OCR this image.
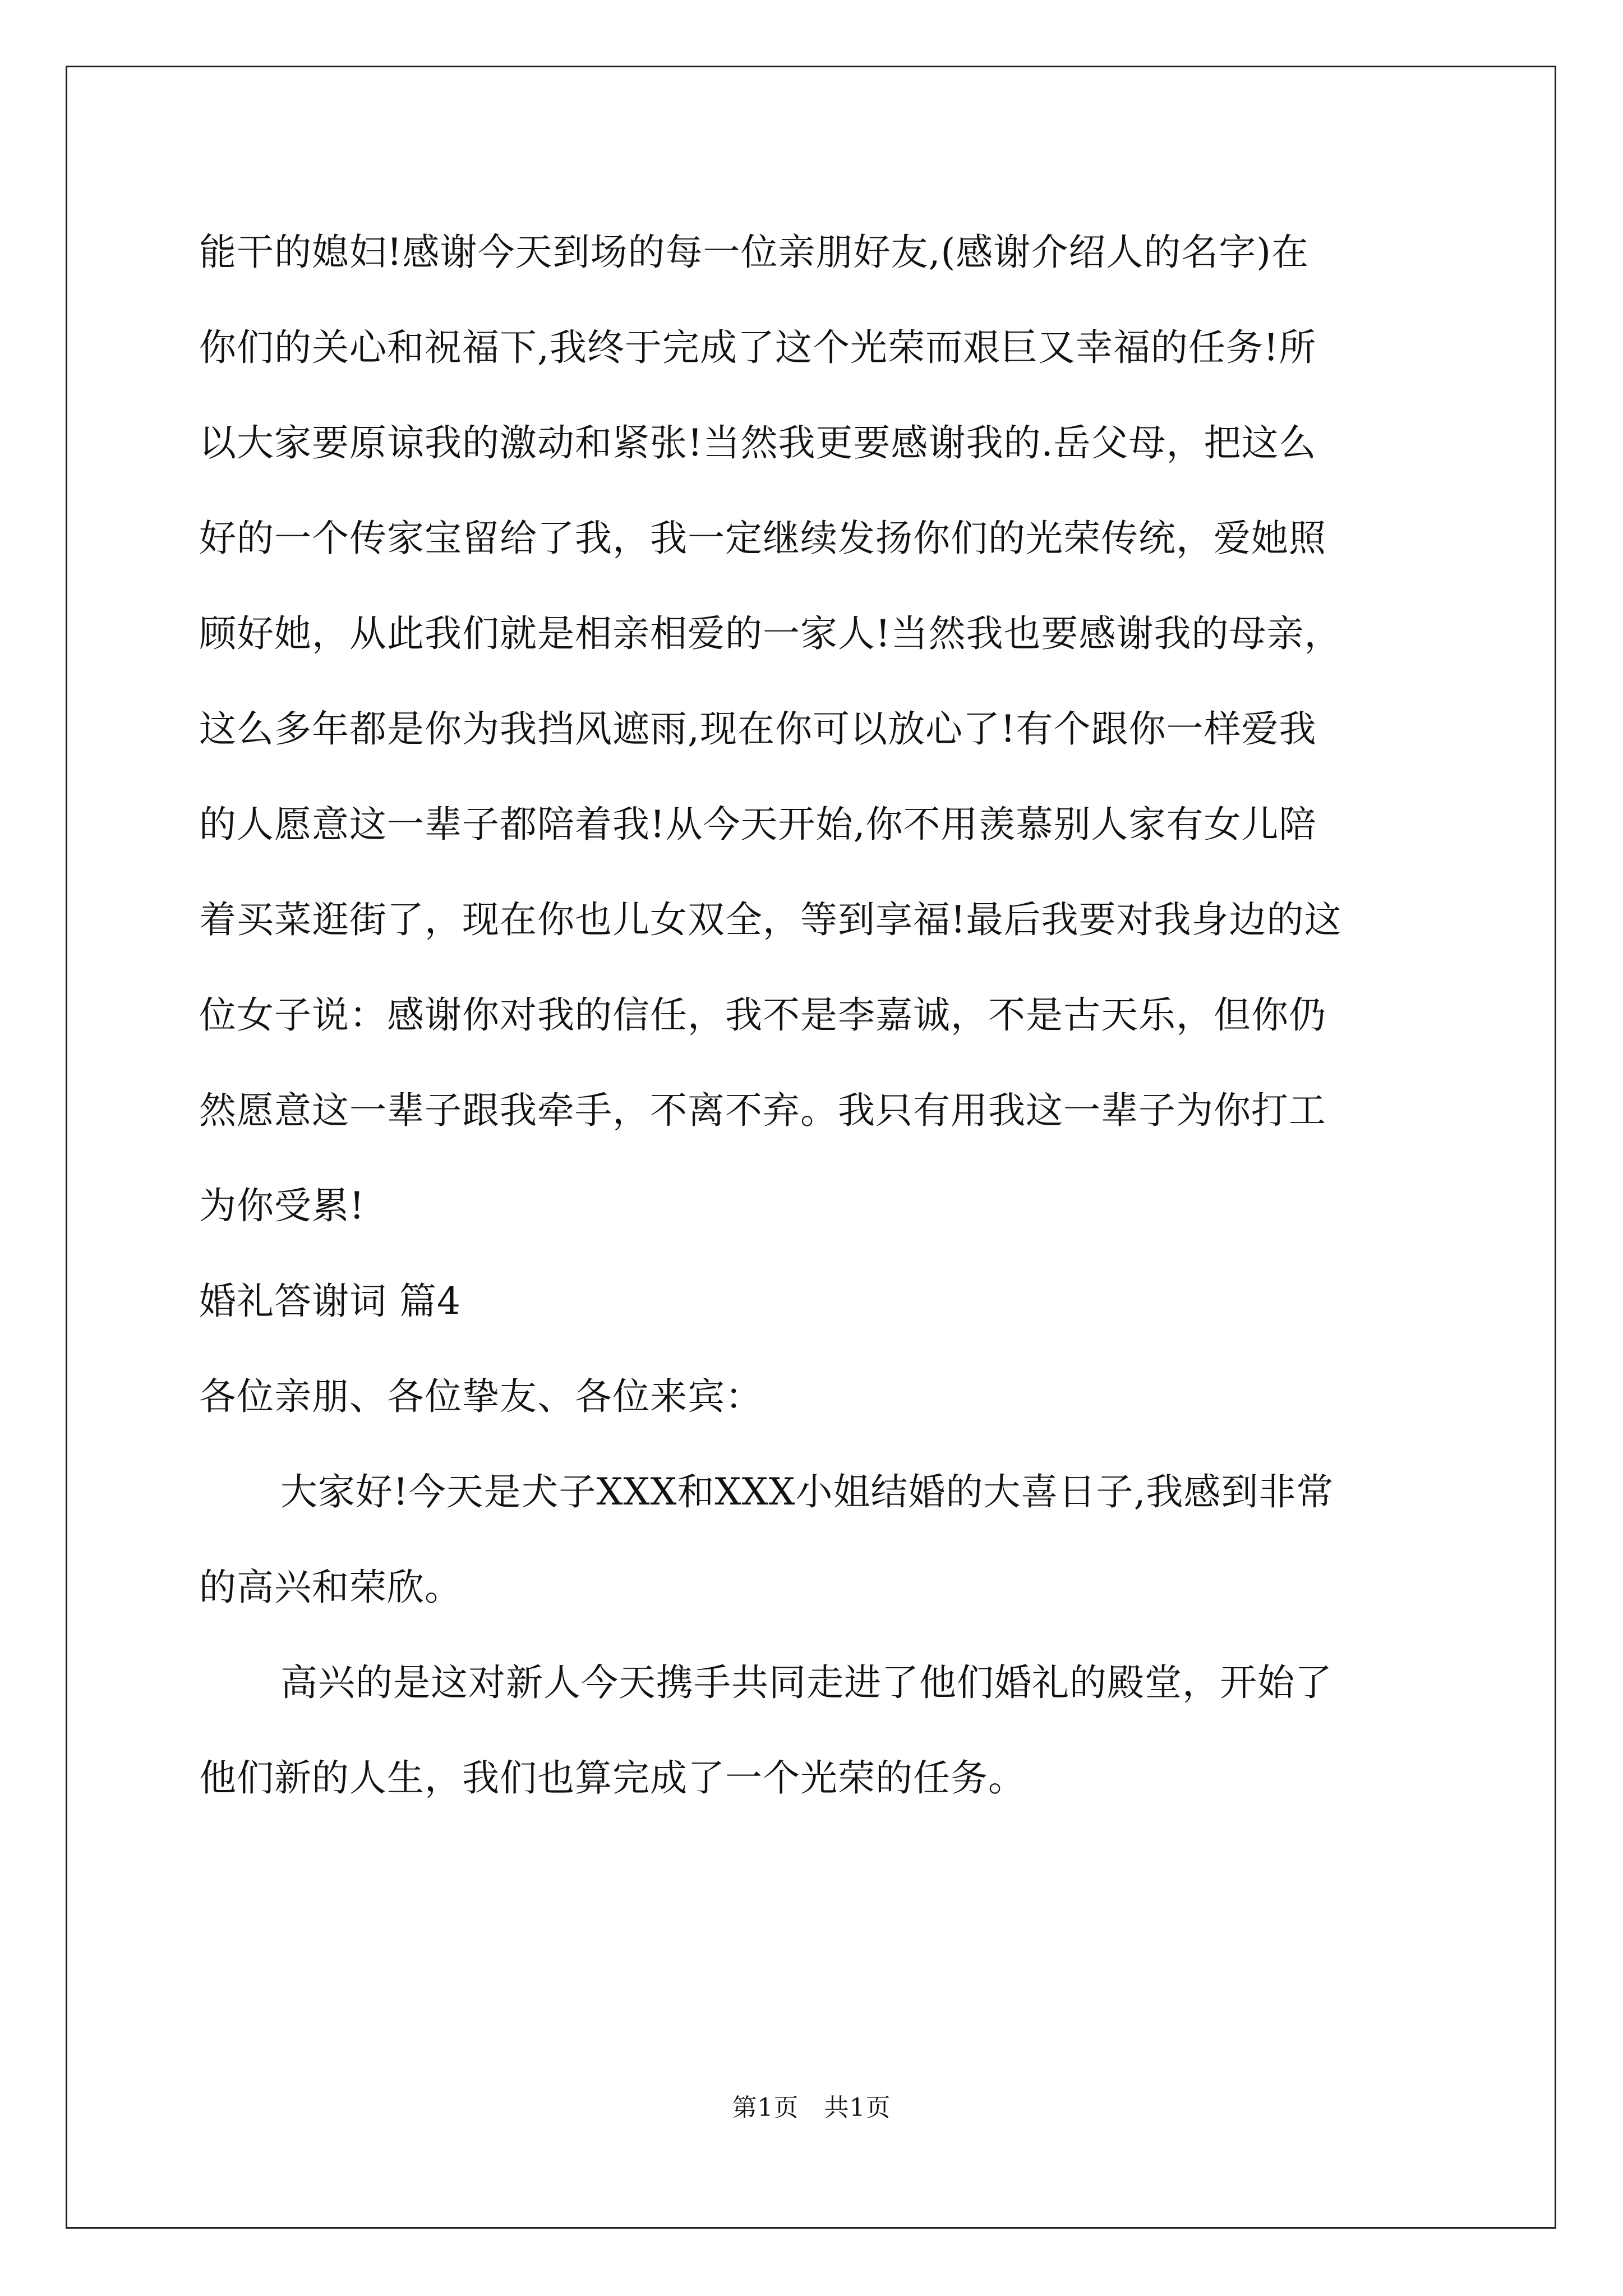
能干的媳妇!感谢今天到场的每一位亲朋好友,(感谢介绍人的名字)在
你们的关心和祝福下,我终于完成了这个光荣而艰巨又幸福的任务!所
以大家要原谅我的激动和紧张!当然我更要感谢我的.岳父母，把这么
好的一个传家宝留给了我，我一定继续发扬你们的光荣传统，爱她照
顾好她，从此我们就是相亲相爱的一家人!当然我也要感谢我的母亲，
这么多年都是你为我挡风遮雨,现在你可以放心了!有个跟你一样爱我
的人愿意这一辈子都陪着我!从今天开始,你不用羡慕别人家有女儿陪
着买菜逛街了，现在你也儿女双全，等到享福!最后我要对我身边的这
位女子说：感谢你对我的信任，我不是李嘉诚，不是古天乐，但你仍
然愿意这一辈子跟我牵手，不离不弃。我只有用我这一辈子为你打工
为你受累!
婚礼答谢词 篇4
各位亲朋、各位挚友、各位来宾：
大家好!今天是犬子XXX和XXX小姐结婚的大喜日子,我感到非常
的高兴和荣欣。
高兴的是这对新人今天携手共同走进了他们婚礼的殿堂，开始了
他们新的人生，我们也算完成了一个光荣的任务。
第1页　共1页
